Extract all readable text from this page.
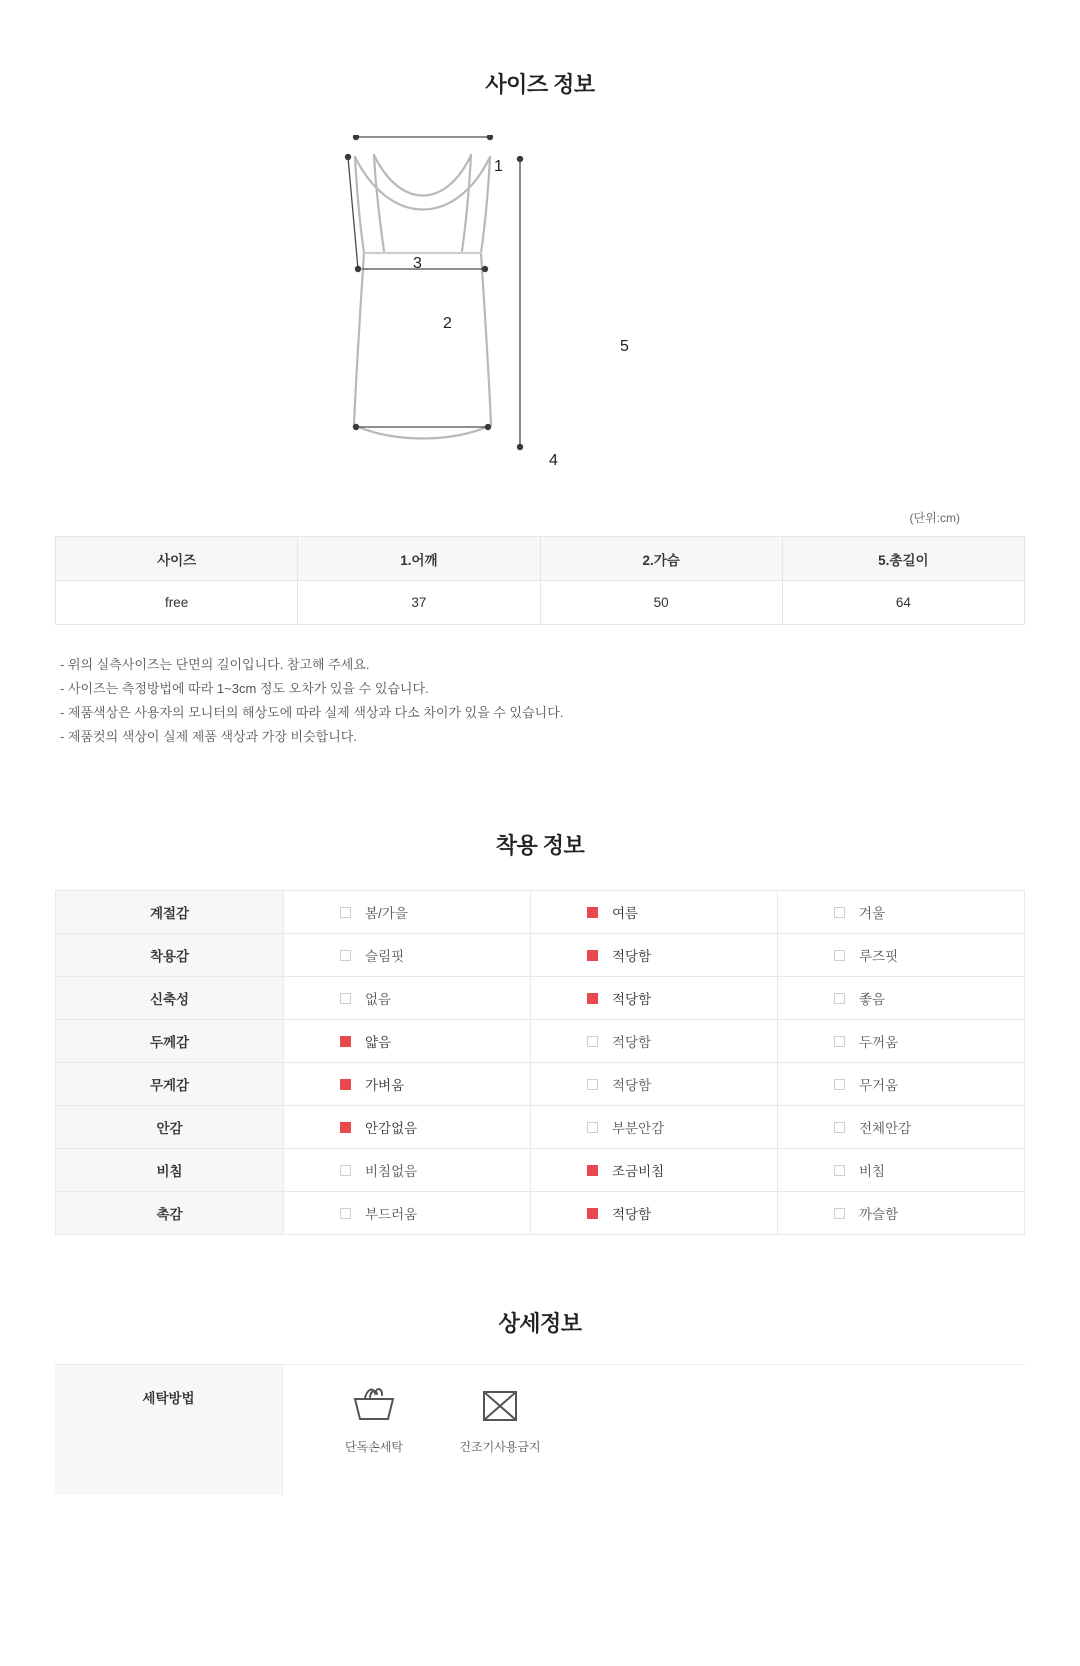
사이즈 정보
1
2
3
4
5
(단위:cm)
사이즈	1.어깨	2.가슴	5.총길이
free	37	50	64
- 위의 실측사이즈는 단면의 길이입니다. 참고해 주세요.
- 사이즈는 측정방법에 따라 1~3cm 정도 오차가 있을 수 있습니다.
- 제품색상은 사용자의 모니터의 해상도에 따라 실제 색상과 다소 차이가 있을 수 있습니다.
- 제품컷의 색상이 실제 제품 색상과 가장 비슷합니다.
착용 정보
계절감	봄/가을	여름	겨울

착용감	슬림핏	적당함	루즈핏

신축성	없음	적당함	좋음

두께감	얇음	적당함	두꺼움

무게감	가벼움	적당함	무거움

안감	안감없음	부분안감	전체안감

비침	비침없음	조금비침	비침

촉감	부드러움	적당함	까슬함
상세정보
세탁방법
단독손세탁	건조기사용금지
